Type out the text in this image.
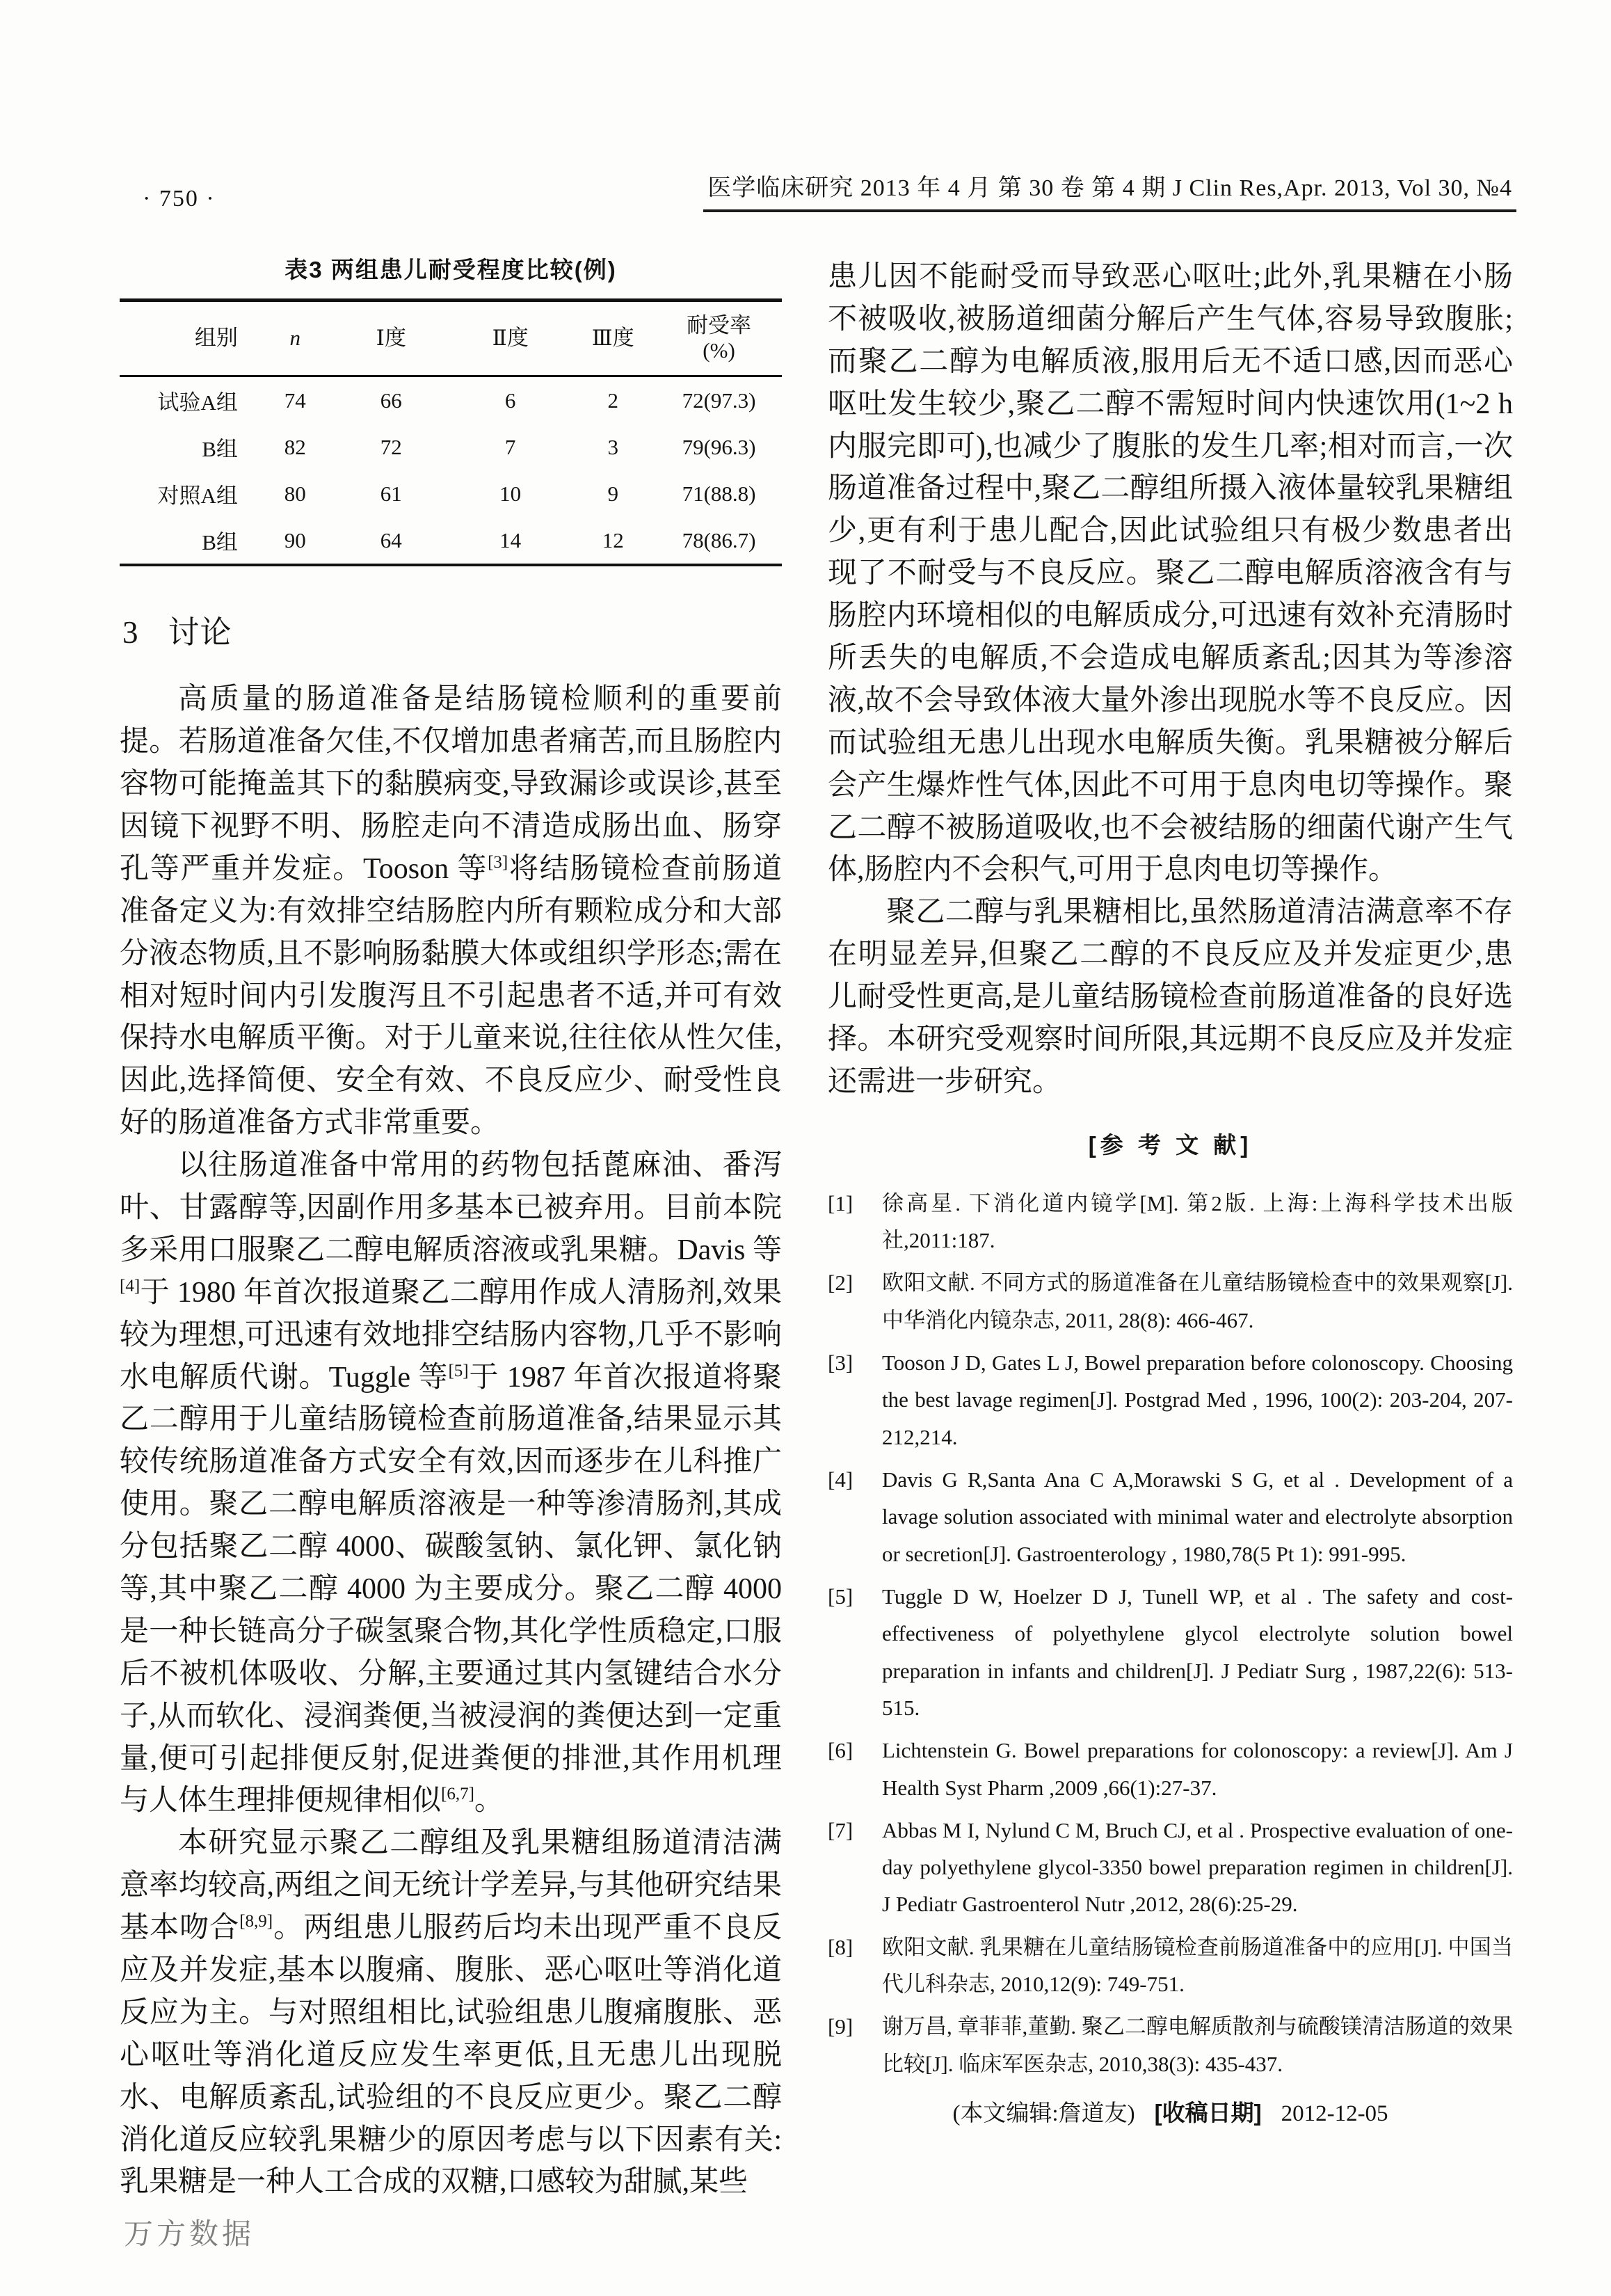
· 750 ·	医学临床研究 2013 年 4 月 第 30 卷 第 4 期 J Clin Res,Apr. 2013, Vol 30, №4
表3 两组患儿耐受程度比较(例)
组别	n	Ⅰ度	Ⅱ度	Ⅲ度	耐受率
(%)

试验A组	74	66	6	2	72(97.3)
B组	82	72	7	3	79(96.3)
对照A组	80	61	10	9	71(88.8)
B组	90	64	14	12	78(86.7)
3 讨论

高质量的肠道准备是结肠镜检顺利的重要前提。若肠道准备欠佳,不仅增加患者痛苦,而且肠腔内容物可能掩盖其下的黏膜病变,导致漏诊或误诊,甚至因镜下视野不明、肠腔走向不清造成肠出血、肠穿孔等严重并发症。Tooson 等[3]将结肠镜检查前肠道准备定义为:有效排空结肠腔内所有颗粒成分和大部分液态物质,且不影响肠黏膜大体或组织学形态;需在相对短时间内引发腹泻且不引起患者不适,并可有效保持水电解质平衡。对于儿童来说,往往依从性欠佳,因此,选择简便、安全有效、不良反应少、耐受性良好的肠道准备方式非常重要。

以往肠道准备中常用的药物包括蓖麻油、番泻叶、甘露醇等,因副作用多基本已被弃用。目前本院多采用口服聚乙二醇电解质溶液或乳果糖。Davis 等[4]于 1980 年首次报道聚乙二醇用作成人清肠剂,效果较为理想,可迅速有效地排空结肠内容物,几乎不影响水电解质代谢。Tuggle 等[5]于 1987 年首次报道将聚乙二醇用于儿童结肠镜检查前肠道准备,结果显示其较传统肠道准备方式安全有效,因而逐步在儿科推广使用。聚乙二醇电解质溶液是一种等渗清肠剂,其成分包括聚乙二醇 4000、碳酸氢钠、氯化钾、氯化钠等,其中聚乙二醇 4000 为主要成分。聚乙二醇 4000 是一种长链高分子碳氢聚合物,其化学性质稳定,口服后不被机体吸收、分解,主要通过其内氢键结合水分子,从而软化、浸润粪便,当被浸润的粪便达到一定重量,便可引起排便反射,促进粪便的排泄,其作用机理与人体生理排便规律相似[6,7]。

本研究显示聚乙二醇组及乳果糖组肠道清洁满意率均较高,两组之间无统计学差异,与其他研究结果基本吻合[8,9]。两组患儿服药后均未出现严重不良反应及并发症,基本以腹痛、腹胀、恶心呕吐等消化道反应为主。与对照组相比,试验组患儿腹痛腹胀、恶心呕吐等消化道反应发生率更低,且无患儿出现脱水、电解质紊乱,试验组的不良反应更少。聚乙二醇消化道反应较乳果糖少的原因考虑与以下因素有关:乳果糖是一种人工合成的双糖,口感较为甜腻,某些

患儿因不能耐受而导致恶心呕吐;此外,乳果糖在小肠不被吸收,被肠道细菌分解后产生气体,容易导致腹胀;而聚乙二醇为电解质液,服用后无不适口感,因而恶心呕吐发生较少,聚乙二醇不需短时间内快速饮用(1~2 h 内服完即可),也减少了腹胀的发生几率;相对而言,一次肠道准备过程中,聚乙二醇组所摄入液体量较乳果糖组少,更有利于患儿配合,因此试验组只有极少数患者出现了不耐受与不良反应。聚乙二醇电解质溶液含有与肠腔内环境相似的电解质成分,可迅速有效补充清肠时所丢失的电解质,不会造成电解质紊乱;因其为等渗溶液,故不会导致体液大量外渗出现脱水等不良反应。因而试验组无患儿出现水电解质失衡。乳果糖被分解后会产生爆炸性气体,因此不可用于息肉电切等操作。聚乙二醇不被肠道吸收,也不会被结肠的细菌代谢产生气体,肠腔内不会积气,可用于息肉电切等操作。

聚乙二醇与乳果糖相比,虽然肠道清洁满意率不存在明显差异,但聚乙二醇的不良反应及并发症更少,患儿耐受性更高,是儿童结肠镜检查前肠道准备的良好选择。本研究受观察时间所限,其远期不良反应及并发症还需进一步研究。

[参 考 文 献]
[1]	徐高星. 下消化道内镜学[M]. 第2版. 上海:上海科学技术出版社,2011:187.
[2]	欧阳文献. 不同方式的肠道准备在儿童结肠镜检查中的效果观察[J]. 中华消化内镜杂志, 2011, 28(8): 466-467.
[3]	Tooson J D, Gates L J, Bowel preparation before colonoscopy. Choosing the best lavage regimen[J]. Postgrad Med , 1996, 100(2): 203-204, 207-212,214.
[4]	Davis G R,Santa Ana C A,Morawski S G, et al . Development of a lavage solution associated with minimal water and electrolyte absorption or secretion[J]. Gastroenterology , 1980,78(5 Pt 1): 991-995.
[5]	Tuggle D W, Hoelzer D J, Tunell WP, et al . The safety and cost-effectiveness of polyethylene glycol electrolyte solution bowel preparation in infants and children[J]. J Pediatr Surg , 1987,22(6): 513-515.
[6]	Lichtenstein G. Bowel preparations for colonoscopy: a review[J]. Am J Health Syst Pharm ,2009 ,66(1):27-37.
[7]	Abbas M I, Nylund C M, Bruch CJ, et al . Prospective evaluation of one-day polyethylene glycol-3350 bowel preparation regimen in children[J]. J Pediatr Gastroenterol Nutr ,2012, 28(6):25-29.
[8]	欧阳文献. 乳果糖在儿童结肠镜检查前肠道准备中的应用[J]. 中国当代儿科杂志, 2010,12(9): 749-751.
[9]	谢万昌, 章菲菲,董勤. 聚乙二醇电解质散剂与硫酸镁清洁肠道的效果比较[J]. 临床军医杂志, 2010,38(3): 435-437.
(本文编辑:詹道友) [收稿日期] 2012-12-05
万方数据
